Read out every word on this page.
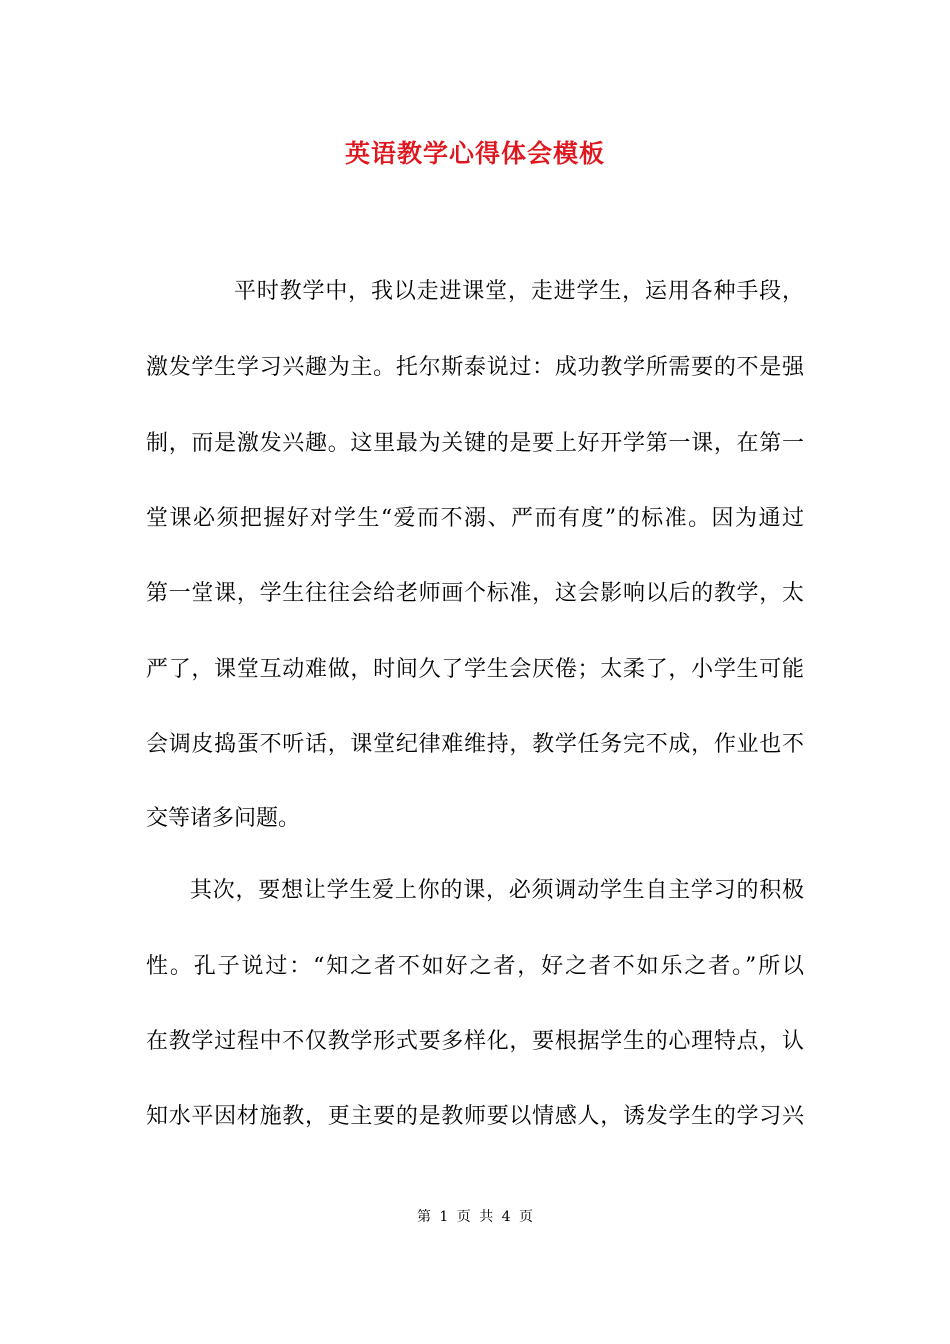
英语教学心得体会模板
平时教学中，我以走进课堂，走进学生，运用各种手段，
激发学生学习兴趣为主。托尔斯泰说过：成功教学所需要的不是强
制，而是激发兴趣。这里最为关键的是要上好开学第一课，在第一
堂课必须把握好对学生“爱而不溺、严而有度”的标准。因为通过
第一堂课，学生往往会给老师画个标准，这会影响以后的教学，太
严了，课堂互动难做，时间久了学生会厌倦；太柔了，小学生可能
会调皮捣蛋不听话，课堂纪律难维持，教学任务完不成，作业也不
交等诸多问题。
其次，要想让学生爱上你的课，必须调动学生自主学习的积极
性。孔子说过：“知之者不如好之者，好之者不如乐之者。”所以
在教学过程中不仅教学形式要多样化，要根据学生的心理特点，认
知水平因材施教，更主要的是教师要以情感人，诱发学生的学习兴
第 1 页 共 4 页
